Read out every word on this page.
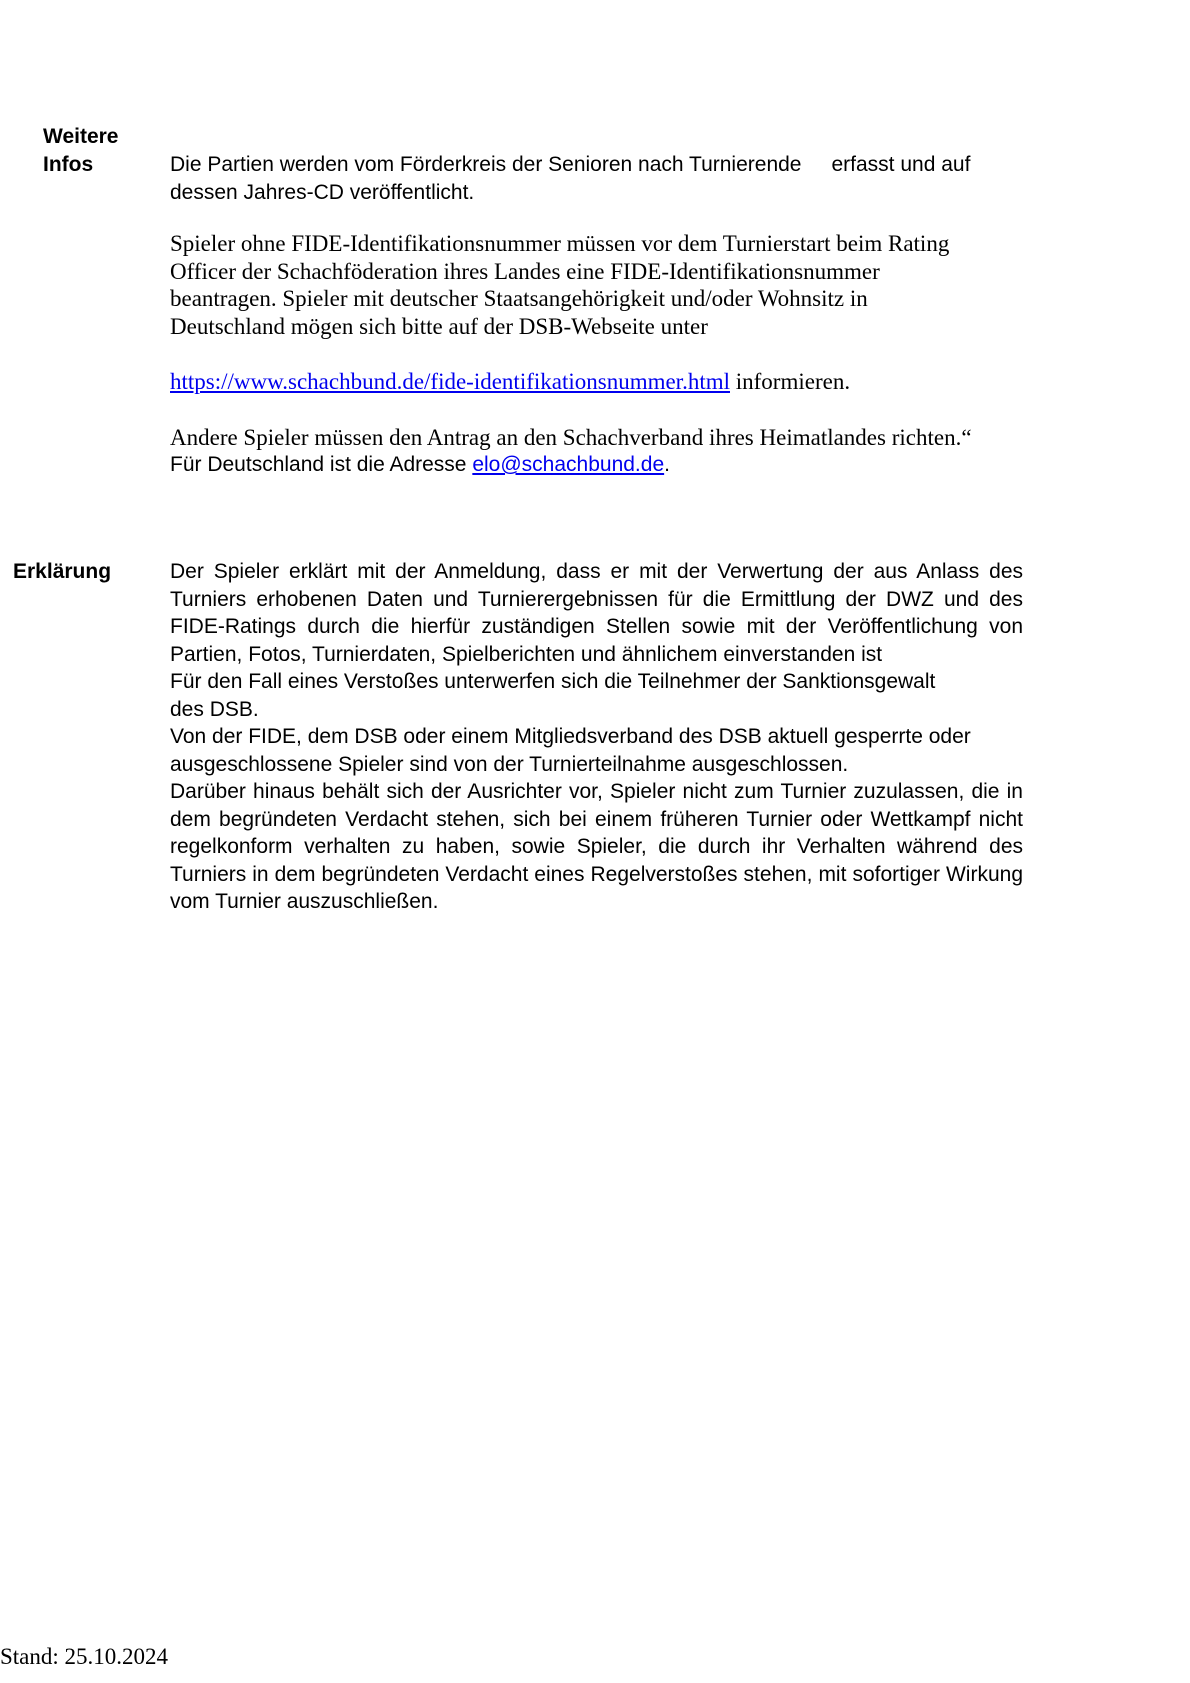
Weitere
Infos	Die Partien werden vom Förderkreis der Senioren nach Turnierende erfasst und auf
dessen Jahres-CD veröffentlicht.
Spieler ohne FIDE-Identifikationsnummer müssen vor dem Turnierstart beim Rating
Officer der Schachföderation ihres Landes eine FIDE-Identifikationsnummer
beantragen. Spieler mit deutscher Staatsangehörigkeit und/oder Wohnsitz in
Deutschland mögen sich bitte auf der DSB-Webseite unter
https://www.schachbund.de/fide-identifikationsnummer.html informieren.
Andere Spieler müssen den Antrag an den Schachverband ihres Heimatlandes richten.“
Für Deutschland ist die Adresse elo@schachbund.de.
Erklärung	Der Spieler erklärt mit der Anmeldung, dass er mit der Verwertung der aus Anlass des Turniers erhobenen Daten und Turnierergebnissen für die Ermittlung der DWZ und des FIDE-Ratings durch die hierfür zuständigen Stellen sowie mit der Veröffentlichung von Partien, Fotos, Turnierdaten, Spielberichten und ähnlichem einverstanden ist

Für den Fall eines Verstoßes unterwerfen sich die Teilnehmer der Sanktionsgewalt
des DSB.

Von der FIDE, dem DSB oder einem Mitgliedsverband des DSB aktuell gesperrte oder ausgeschlossene Spieler sind von der Turnierteilnahme ausgeschlossen.

Darüber hinaus behält sich der Ausrichter vor, Spieler nicht zum Turnier zuzulassen, die in dem begründeten Verdacht stehen, sich bei einem früheren Turnier oder Wettkampf nicht regelkonform verhalten zu haben, sowie Spieler, die durch ihr Verhalten während des Turniers in dem begründeten Verdacht eines Regelverstoßes stehen, mit sofortiger Wirkung vom Turnier auszuschließen.

Stand: 25.10.2024
